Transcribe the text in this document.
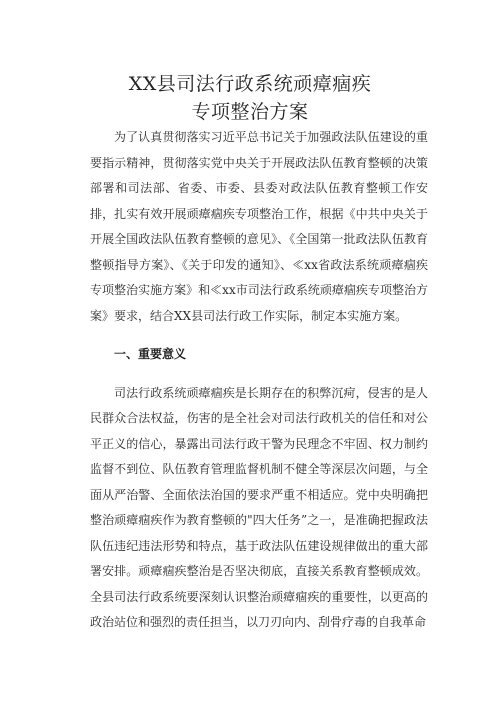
XX县司法行政系统顽瘴痼疾
专项整治方案

为了认真贯彻落实习近平总书记关于加强政法队伍建设的重要指示精神，贯彻落实党中央关于开展政法队伍教育整顿的决策部署和司法部、省委、市委、县委对政法队伍教育整顿工作安排，扎实有效开展顽瘴痼疾专项整治工作，根据《中共中央关于开展全国政法队伍教育整顿的意见》、《全国第一批政法队伍教育整顿指导方案》、《关于印发的通知》、≪xx省政法系统顽瘴痼疾专项整治实施方案》和≪xx市司法行政系统顽瘴痼疾专项整治方案》要求，结合XX县司法行政工作实际，制定本实施方案。

一、重要意义

司法行政系统顽瘴痼疾是长期存在的积弊沉疴，侵害的是人民群众合法权益，伤害的是全社会对司法行政机关的信任和对公平正义的信心，暴露出司法行政干警为民理念不牢固、权力制约监督不到位、队伍教育管理监督机制不健全等深层次问题，与全面从严治警、全面依法治国的要求严重不相适应。党中央明确把整治顽瘴痼疾作为教育整顿的"四大任务”之一，是准确把握政法队伍违纪违法形势和特点，基于政法队伍建设规律做出的重大部署安排。顽瘴痼疾整治是否坚决彻底，直接关系教育整顿成效。全县司法行政系统要深刻认识整治顽瘴痼疾的重要性，以更高的政治站位和强烈的责任担当，以刀刃向内、刮骨疗毒的自我革命
